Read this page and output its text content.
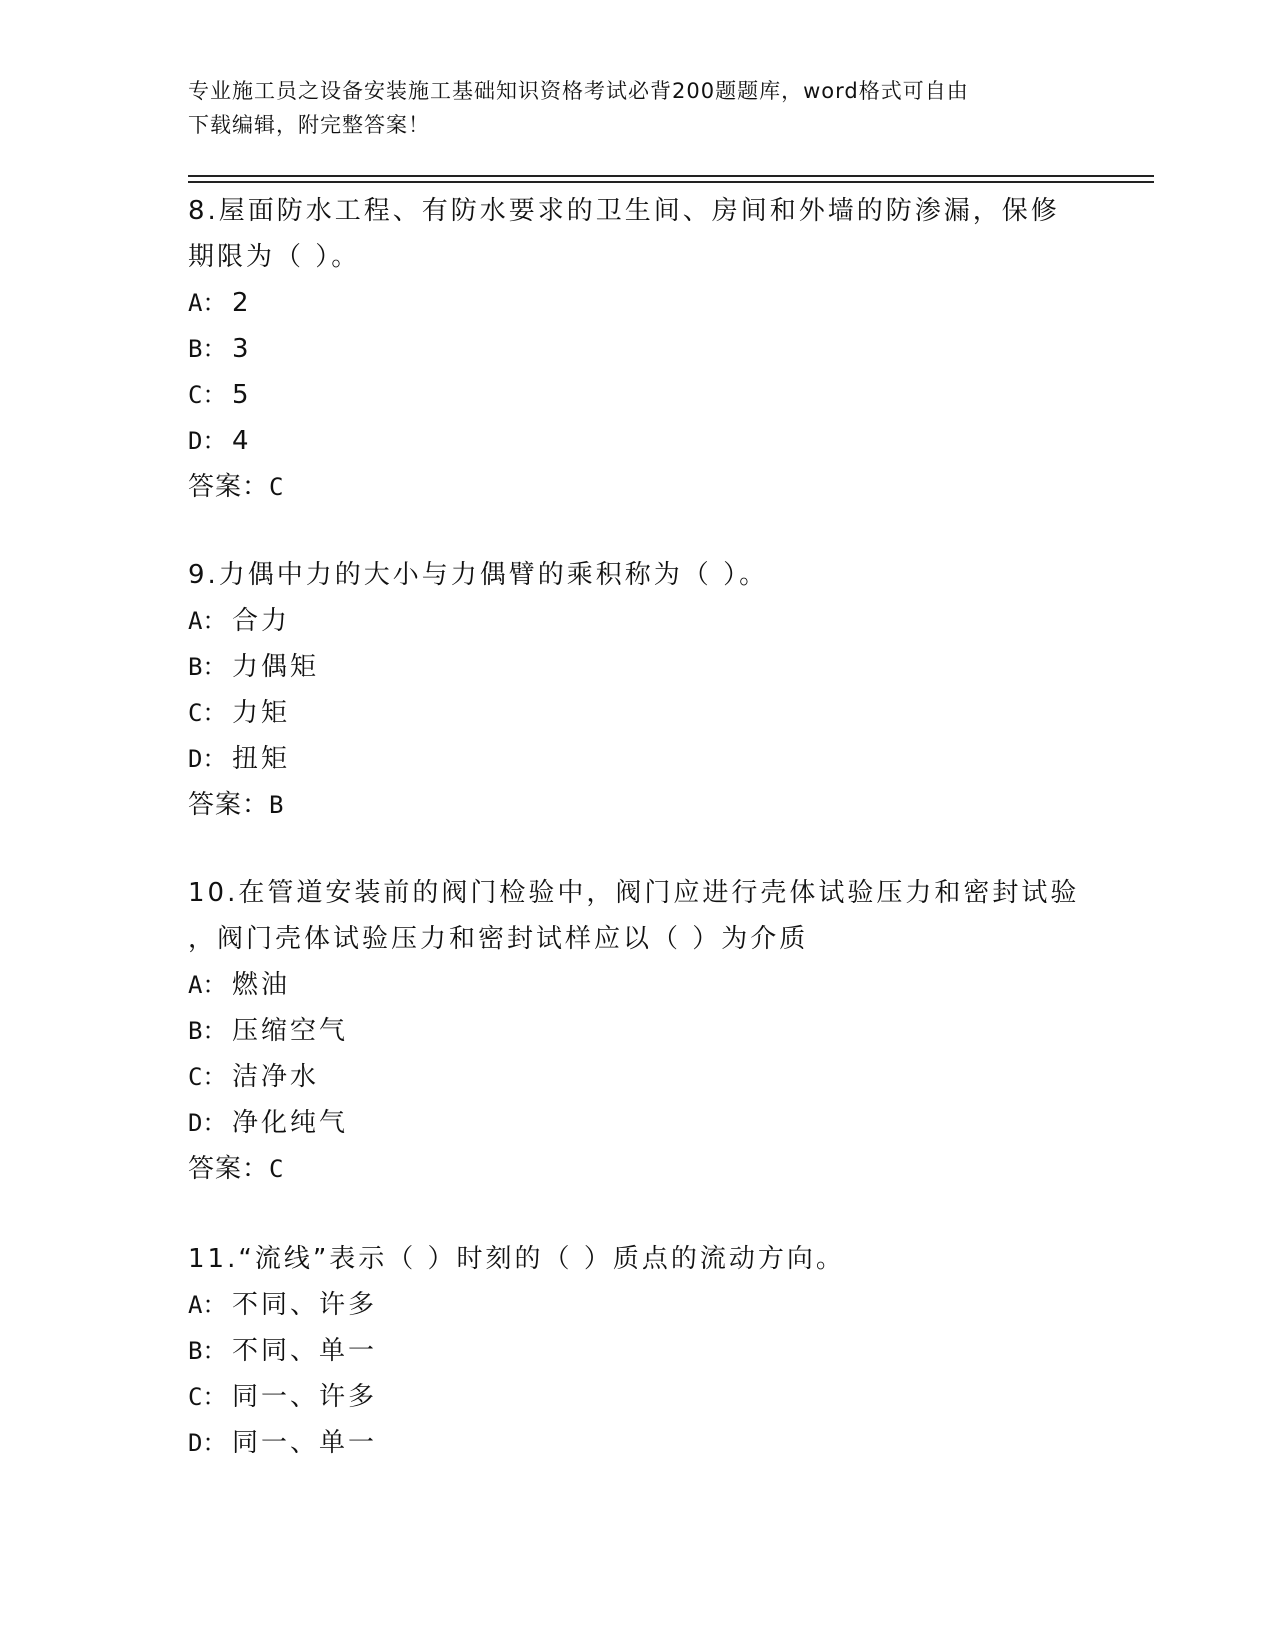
专业施工员之设备安装施工基础知识资格考试必背200题题库，word格式可自由
下载编辑，附完整答案！

8.屋面防水工程、有防水要求的卫生间、房间和外墙的防渗漏，保修

期限为（ ）。

A： 2

B： 3

C： 5

D： 4

答案：C

9.力偶中力的大小与力偶臂的乘积称为（ ）。

A： 合力

B： 力偶矩

C： 力矩

D： 扭矩

答案：B

10.在管道安装前的阀门检验中，阀门应进行壳体试验压力和密封试验

，阀门壳体试验压力和密封试样应以（ ）为介质

A： 燃油

B： 压缩空气

C： 洁净水

D： 净化纯气

答案：C

11.“流线”表示（ ）时刻的（ ）质点的流动方向。

A： 不同、许多

B： 不同、单一

C： 同一、许多

D： 同一、单一
